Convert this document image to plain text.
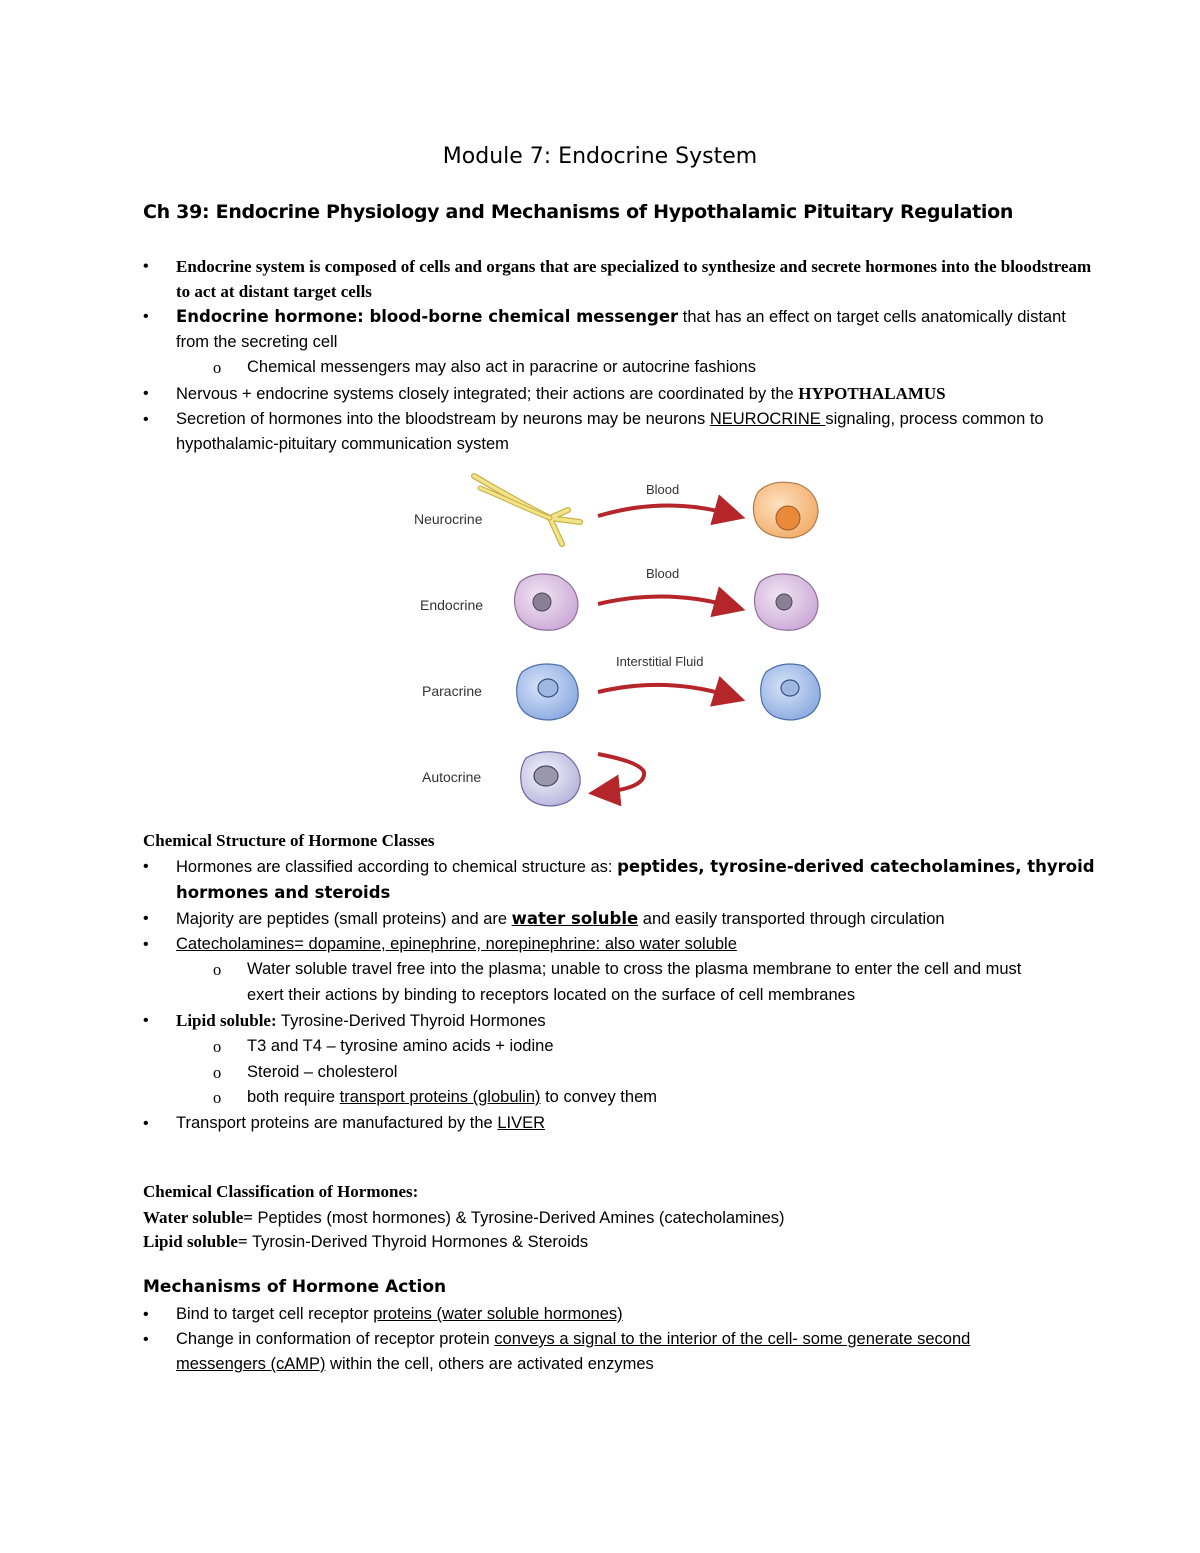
Module 7: Endocrine System
Ch 39: Endocrine Physiology and Mechanisms of Hypothalamic Pituitary Regulation
• Endocrine system is composed of cells and organs that are specialized to synthesize and secrete hormones into the bloodstream to act at distant target cells
• Endocrine hormone: blood-borne chemical messenger that has an effect on target cells anatomically distant from the secreting cell
o Chemical messengers may also act in paracrine or autocrine fashions
• Nervous + endocrine systems closely integrated; their actions are coordinated by the HYPOTHALAMUS
• Secretion of hormones into the bloodstream by neurons may be neurons NEUROCRINE signaling, process common to hypothalamic-pituitary communication system
Neurocrine
Blood
Endocrine
Blood
Paracrine
Interstitial Fluid
Autocrine
Chemical Structure of Hormone Classes
• Hormones are classified according to chemical structure as: peptides, tyrosine-derived catecholamines, thyroid hormones and steroids
• Majority are peptides (small proteins) and are water soluble and easily transported through circulation
• Catecholamines= dopamine, epinephrine, norepinephrine: also water soluble
o Water soluble travel free into the plasma; unable to cross the plasma membrane to enter the cell and must exert their actions by binding to receptors located on the surface of cell membranes
• Lipid soluble: Tyrosine-Derived Thyroid Hormones
o T3 and T4 – tyrosine amino acids + iodine
o Steroid – cholesterol
o both require transport proteins (globulin) to convey them
• Transport proteins are manufactured by the LIVER
Chemical Classification of Hormones:
Water soluble= Peptides (most hormones) & Tyrosine-Derived Amines (catecholamines)
Lipid soluble= Tyrosin-Derived Thyroid Hormones & Steroids
Mechanisms of Hormone Action
• Bind to target cell receptor proteins (water soluble hormones)
• Change in conformation of receptor protein conveys a signal to the interior of the cell- some generate second messengers (cAMP) within the cell, others are activated enzymes
